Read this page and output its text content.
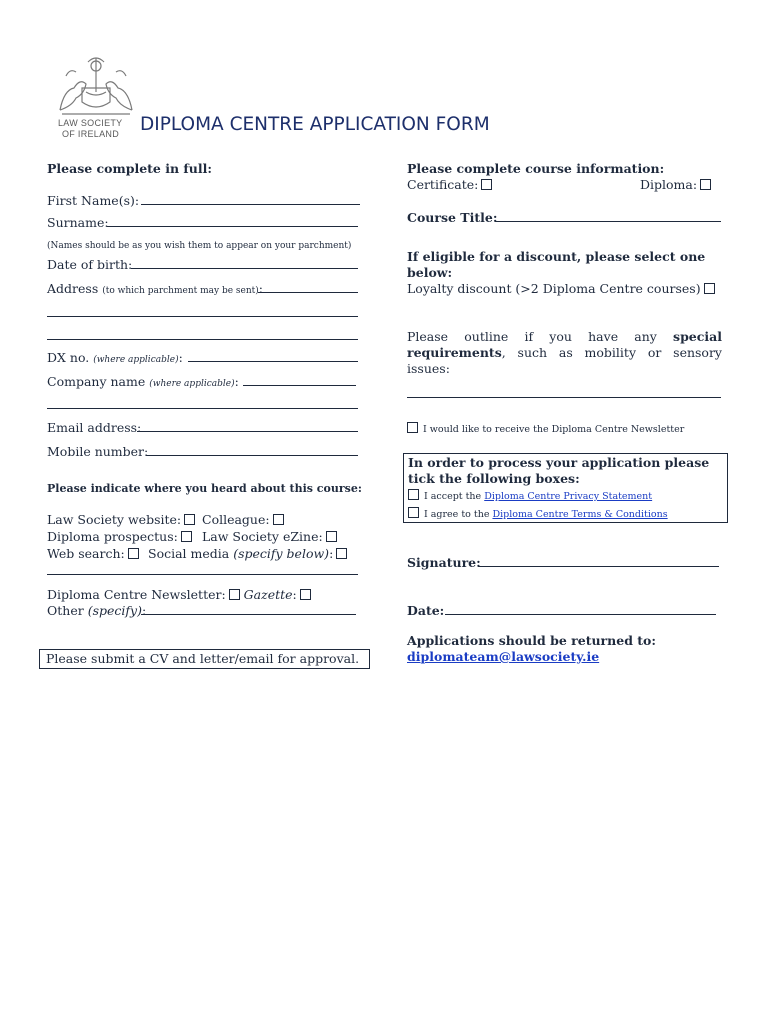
LAW SOCIETY
OF IRELAND DIPLOMA CENTRE APPLICATION FORM
Please complete in full:
First Name(s):
Surname:
(Names should be as you wish them to appear on your parchment)
Date of birth:
Address (to which parchment may be sent):
DX no. (where applicable):
Company name (where applicable):
Email address:
Mobile number:
Please indicate where you heard about this course:
Law Society website:	Colleague:
Diploma prospectus:	Law Society eZine:
Web search:	Social media (specify below):
Diploma Centre Newsletter: Gazette:
Other (specify):
Please submit a CV and letter/email for approval.
Please complete course information:
Certificate:	Diploma:
Course Title:
If eligible for a discount, please select one below:
Loyalty discount (>2 Diploma Centre courses)
Please outline if you have any special requirements, such as mobility or sensory issues:
I would like to receive the Diploma Centre Newsletter
In order to process your application please tick the following boxes:
I accept the Diploma Centre Privacy Statement
I agree to the Diploma Centre Terms & Conditions
Signature:
Date:
Applications should be returned to:
diplomateam@lawsociety.ie
